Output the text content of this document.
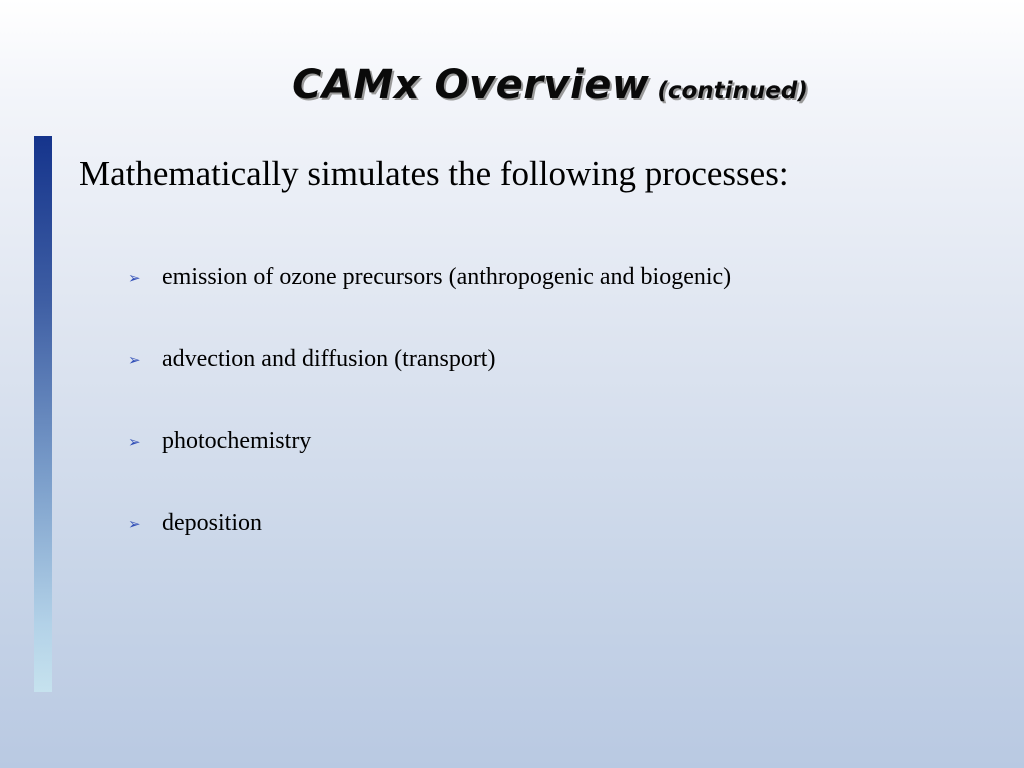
CAMx Overview (continued)
Mathematically simulates the following processes:
➢ emission of ozone precursors (anthropogenic and biogenic)
➢ advection and diffusion (transport)
➢ photochemistry
➢ deposition
